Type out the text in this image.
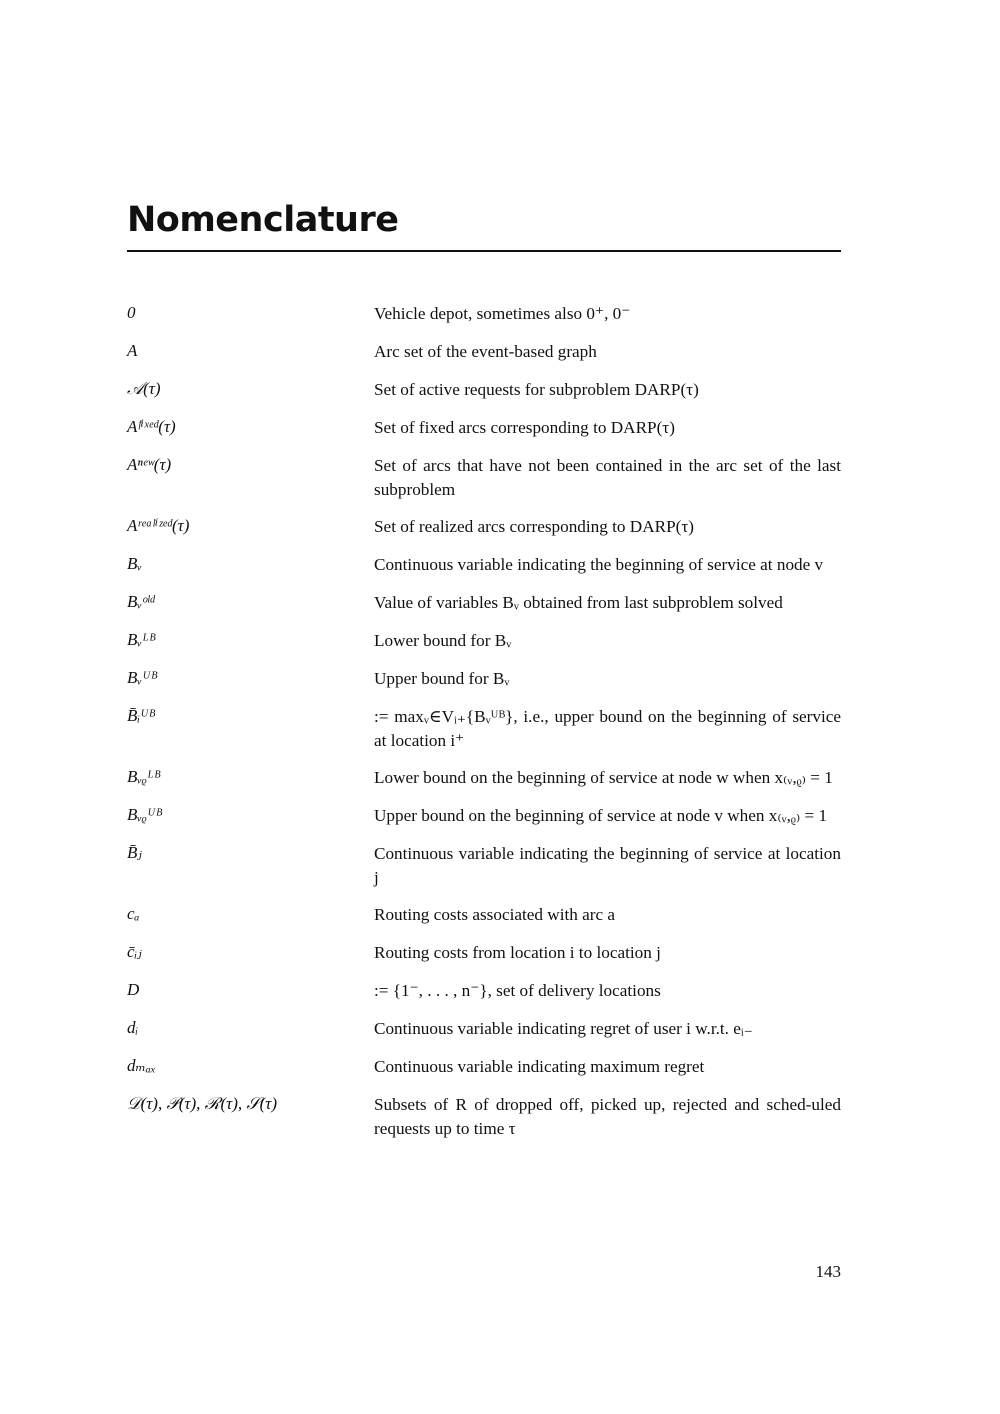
Nomenclature
0	Vehicle depot, sometimes also 0⁺, 0⁻
A	Arc set of the event-based graph
𝒜(τ)	Set of active requests for subproblem DARP(τ)
Aᶠⁱˣᵉᵈ(τ)	Set of fixed arcs corresponding to DARP(τ)
Aⁿᵉʷ(τ)	Set of arcs that have not been contained in the arc set of the last subproblem
Aʳᵉᵃˡⁱᶻᵉᵈ(τ)	Set of realized arcs corresponding to DARP(τ)
Bᵥ	Continuous variable indicating the beginning of service at node v
Bᵥᵒˡᵈ	Value of variables Bᵥ obtained from last subproblem solved
Bᵥᴸᴮ	Lower bound for Bᵥ
Bᵥᵁᴮ	Upper bound for Bᵥ
B̄ᵢᵁᴮ	:= maxᵥ∈Vᵢ₊{Bᵥᵁᴮ}, i.e., upper bound on the beginning of service at location i⁺
Bᵥᵨᴸᴮ	Lower bound on the beginning of service at node w when x₍ᵥ,ᵨ₎ = 1
Bᵥᵨᵁᴮ	Upper bound on the beginning of service at node v when x₍ᵥ,ᵨ₎ = 1
B̄ⱼ	Continuous variable indicating the beginning of service at location j
cₐ	Routing costs associated with arc a
c̄ᵢⱼ	Routing costs from location i to location j
D	:= {1⁻, . . . , n⁻}, set of delivery locations
dᵢ	Continuous variable indicating regret of user i w.r.t. eᵢ₋
dₘₐₓ	Continuous variable indicating maximum regret
𝒟(τ), 𝒫(τ), ℛ(τ), 𝒮(τ)	Subsets of R of dropped off, picked up, rejected and sched-uled requests up to time τ
143
